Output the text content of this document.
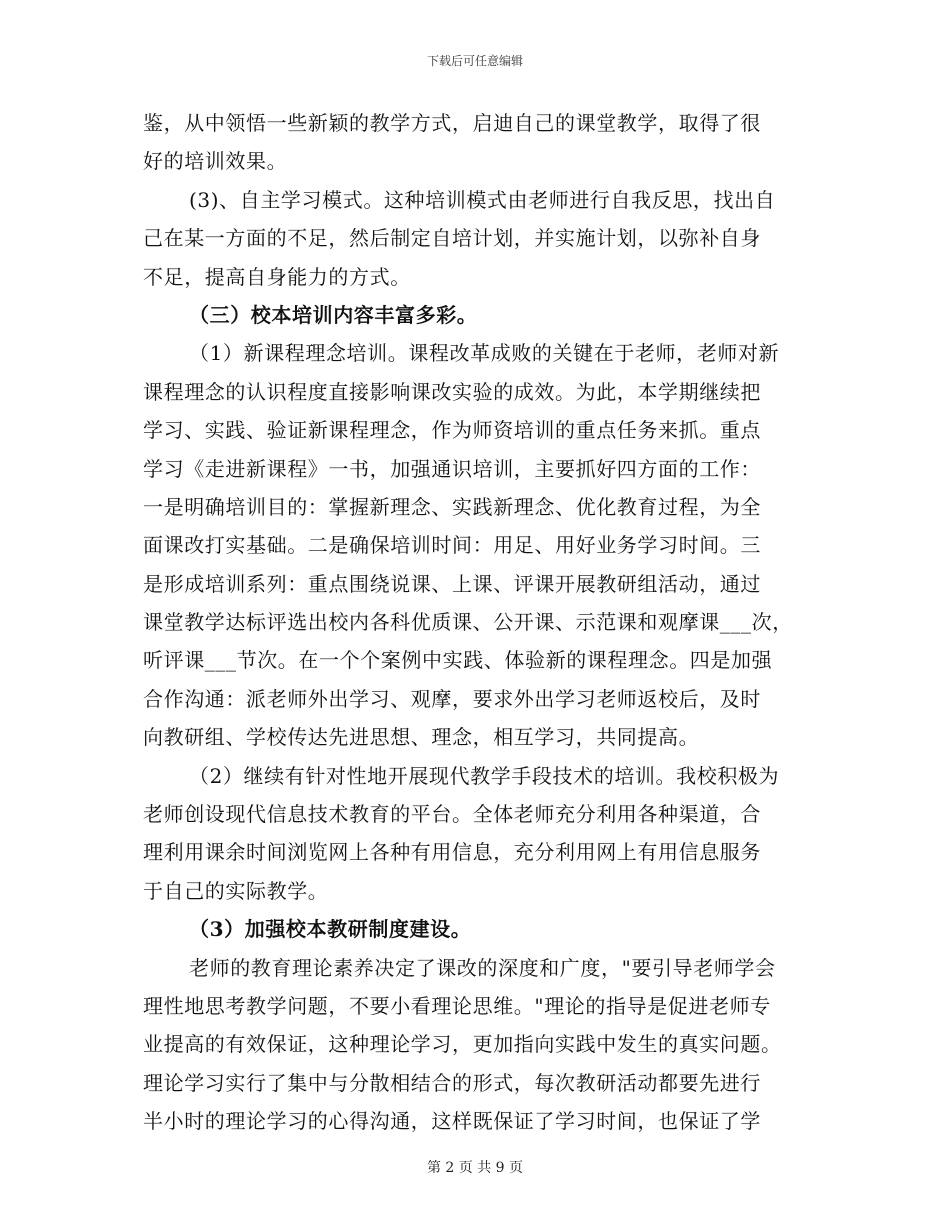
下载后可任意编辑
鉴，从中领悟一些新颖的教学方式，启迪自己的课堂教学，取得了很
好的培训效果。
(3)、自主学习模式。这种培训模式由老师进行自我反思，找出自
己在某一方面的不足，然后制定自培计划，并实施计划，以弥补自身
不足，提高自身能力的方式。
（三）校本培训内容丰富多彩。
（1）新课程理念培训。课程改革成败的关键在于老师，老师对新
课程理念的认识程度直接影响课改实验的成效。为此，本学期继续把
学习、实践、验证新课程理念，作为师资培训的重点任务来抓。重点
学习《走进新课程》一书，加强通识培训，主要抓好四方面的工作：
一是明确培训目的：掌握新理念、实践新理念、优化教育过程，为全
面课改打实基础。二是确保培训时间：用足、用好业务学习时间。三
是形成培训系列：重点围绕说课、上课、评课开展教研组活动，通过
课堂教学达标评选出校内各科优质课、公开课、示范课和观摩课___次，
听评课___节次。在一个个案例中实践、体验新的课程理念。四是加强
合作沟通：派老师外出学习、观摩，要求外出学习老师返校后，及时
向教研组、学校传达先进思想、理念，相互学习，共同提高。
（2）继续有针对性地开展现代教学手段技术的培训。我校积极为
老师创设现代信息技术教育的平台。全体老师充分利用各种渠道，合
理利用课余时间浏览网上各种有用信息，充分利用网上有用信息服务
于自己的实际教学。
（3）加强校本教研制度建设。
老师的教育理论素养决定了课改的深度和广度，"要引导老师学会
理性地思考教学问题，不要小看理论思维。"理论的指导是促进老师专
业提高的有效保证，这种理论学习，更加指向实践中发生的真实问题。
理论学习实行了集中与分散相结合的形式，每次教研活动都要先进行
半小时的理论学习的心得沟通，这样既保证了学习时间，也保证了学
第 2 页 共 9 页
